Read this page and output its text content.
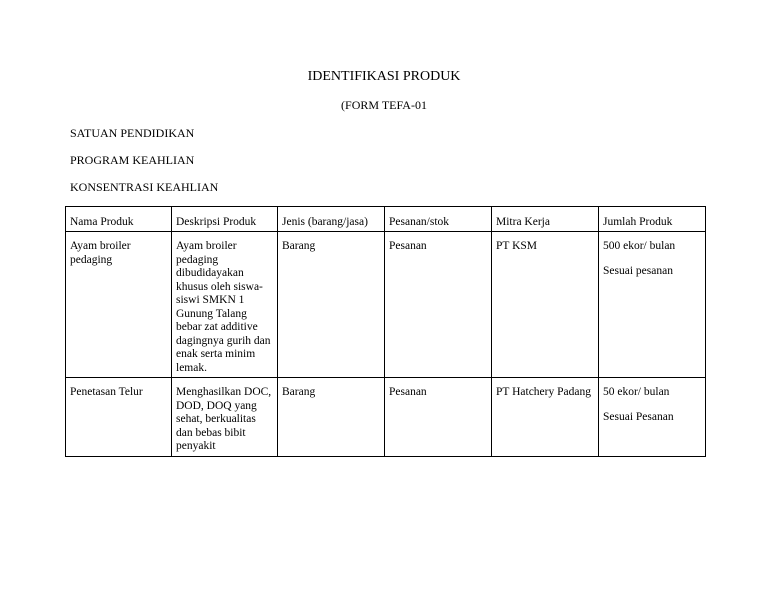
IDENTIFIKASI PRODUK
(FORM TEFA-01
SATUAN PENDIDIKAN
PROGRAM KEAHLIAN
KONSENTRASI KEAHLIAN
Nama Produk	Deskripsi Produk	Jenis (barang/jasa)	Pesanan/stok	Mitra Kerja	Jumlah Produk
Ayam broiler pedaging	Ayam broiler pedaging dibudidayakan khusus oleh siswa-siswi SMKN 1 Gunung Talang bebar zat additive dagingnya gurih dan enak serta minim lemak.	Barang	Pesanan	PT KSM	500 ekor/ bulan
Sesuai pesanan

Penetasan Telur	Menghasilkan DOC, DOD, DOQ yang sehat, berkualitas dan bebas bibit penyakit	Barang	Pesanan	PT Hatchery Padang	50 ekor/ bulan
Sesuai Pesanan
